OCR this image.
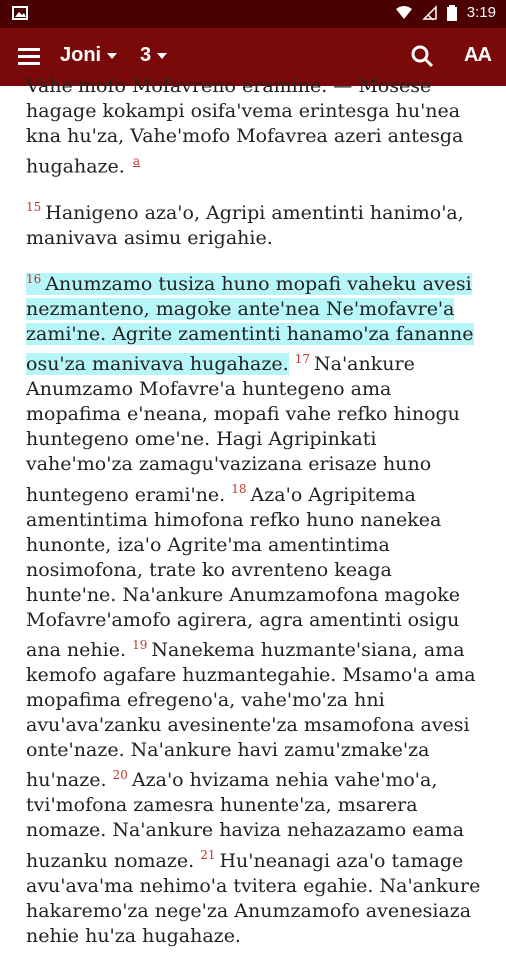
3:19
Joni 3	AA

Vahe'mofo Mofavreno eramine. — Mosese hagage kokampi osifa'vema erintesga hu'nea kna hu'za, Vahe'mofo Mofavrea azeri antesga hugahaze. $^a$

$^{15}$ Hanigeno aza'o, Agripi amentinti hanimo'a, manivava asimu erigahie.

$^{16}$ Anumzamo tusiza huno mopafi vaheku avesi nezmanteno, magoke ante'nea Ne'mofavre'a zami'ne. Agrite zamentinti hanamo'za fananne osu'za manivava hugahaze. $^{17}$ Na'ankure Anumzamo Mofavre'a huntegeno ama mopafima e'neana, mopafi vahe refko hinogu huntegeno ome'ne. Hagi Agripinkati vahe'mo'za zamagu'vazizana erisaze huno huntegeno erami'ne. $^{18}$ Aza'o Agripitema amentintima himofona refko huno nanekea hunonte, iza'o Agrite'ma amentintima nosimofona, trate ko avrenteno keaga hunte'ne. Na'ankure Anumzamofona magoke Mofavre'amofo agirera, agra amentinti osigu ana nehie. $^{19}$ Nanekema huzmante'siana, ama kemofo agafare huzmantegahie. Msamo'a ama mopafima efregeno'a, vahe'mo'za hni avu'ava'zanku avesinente'za msamofona avesi onte'naze. Na'ankure havi zamu'zmake'za hu'naze. $^{20}$ Aza'o hvizama nehia vahe'mo'a, tvi'mofona zamesra hunente'za, msarera nomaze. Na'ankure haviza nehazazamo eama huzanku nomaze. $^{21}$ Hu'neanagi aza'o tamage avu'ava'ma nehimo'a tvitera egahie. Na'ankure hakaremo'za nege'za Anumzamofo avenesiaza nehie hu'za hugahaze.
